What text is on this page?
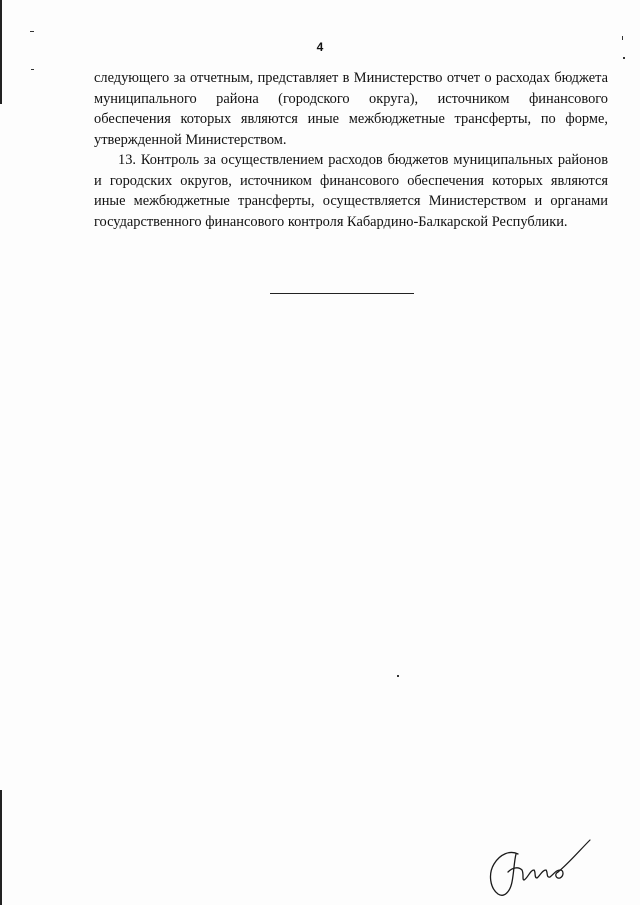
4

следующего за отчетным, представляет в Министерство отчет о расходах бюджета муниципального района (городского округа), источником финансового обеспечения которых являются иные межбюджетные трансферты, по форме, утвержденной Министерством.

13. Контроль за осуществлением расходов бюджетов муниципальных районов и городских округов, источником финансового обеспечения которых являются иные межбюджетные трансферты, осуществляется Министерством и органами государственного финансового контроля Кабардино-Балкарской Республики.
